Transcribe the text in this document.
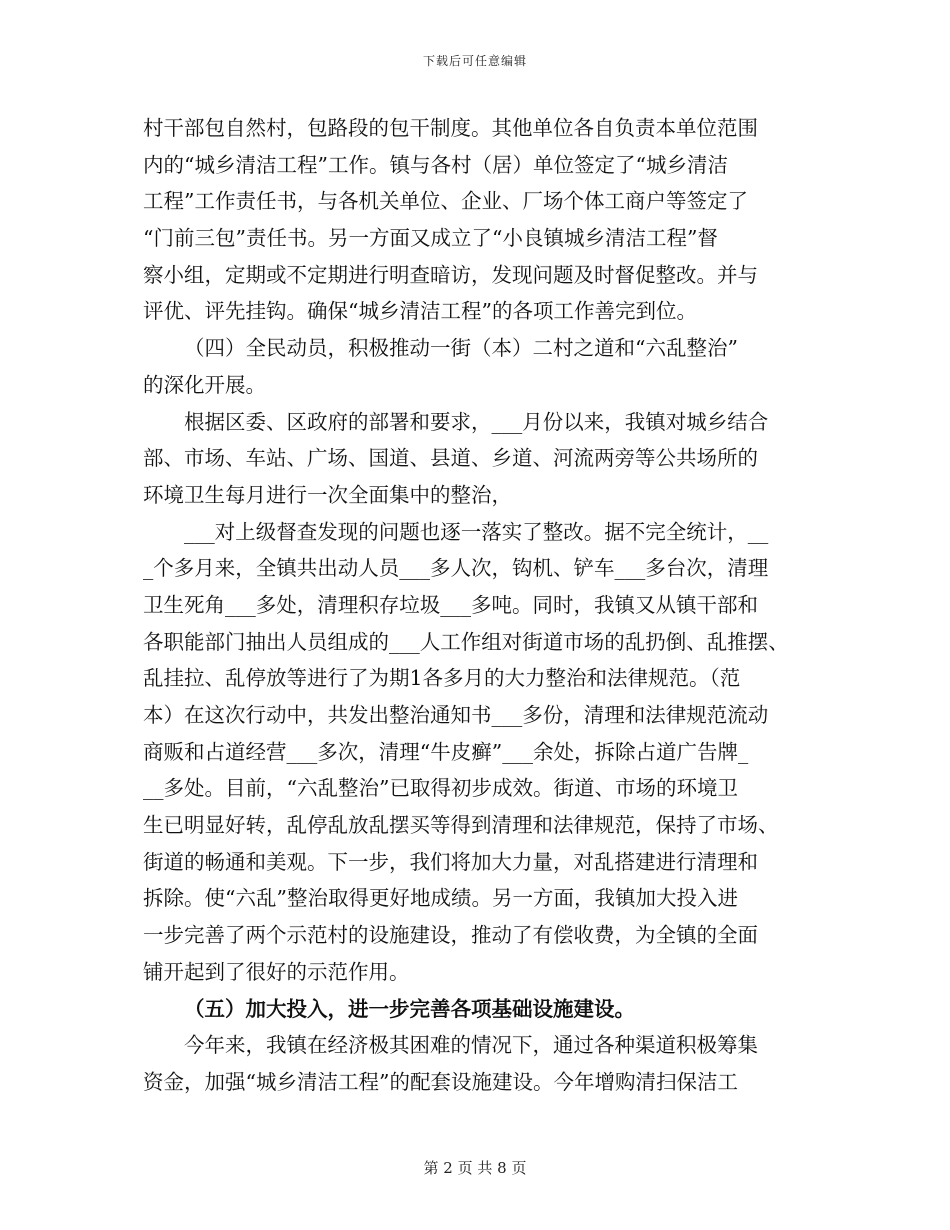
下载后可任意编辑
村干部包自然村，包路段的包干制度。其他单位各自负责本单位范围
内的“城乡清洁工程”工作。镇与各村（居）单位签定了“城乡清洁
工程”工作责任书，与各机关单位、企业、厂场个体工商户等签定了
“门前三包”责任书。另一方面又成立了“小良镇城乡清洁工程”督
察小组，定期或不定期进行明查暗访，发现问题及时督促整改。并与
评优、评先挂钩。确保“城乡清洁工程”的各项工作善完到位。
（四）全民动员，积极推动一街（本）二村之道和“六乱整治”
的深化开展。
根据区委、区政府的部署和要求，___月份以来，我镇对城乡结合
部、市场、车站、广场、国道、县道、乡道、河流两旁等公共场所的
环境卫生每月进行一次全面集中的整治，
___对上级督查发现的问题也逐一落实了整改。据不完全统计，__
_个多月来，全镇共出动人员___多人次，钩机、铲车___多台次，清理
卫生死角___多处，清理积存垃圾___多吨。同时，我镇又从镇干部和
各职能部门抽出人员组成的___人工作组对街道市场的乱扔倒、乱推摆、
乱挂拉、乱停放等进行了为期1各多月的大力整治和法律规范。（范
本）在这次行动中，共发出整治通知书___多份，清理和法律规范流动
商贩和占道经营___多次，清理“牛皮癣”___余处，拆除占道广告牌_
__多处。目前，“六乱整治”已取得初步成效。街道、市场的环境卫
生已明显好转，乱停乱放乱摆买等得到清理和法律规范，保持了市场、
街道的畅通和美观。下一步，我们将加大力量，对乱搭建进行清理和
拆除。使“六乱”整治取得更好地成绩。另一方面，我镇加大投入进
一步完善了两个示范村的设施建设，推动了有偿收费，为全镇的全面
铺开起到了很好的示范作用。
（五）加大投入，进一步完善各项基础设施建设。
今年来，我镇在经济极其困难的情况下，通过各种渠道积极筹集
资金，加强“城乡清洁工程”的配套设施建设。今年增购清扫保洁工
第 2 页 共 8 页
